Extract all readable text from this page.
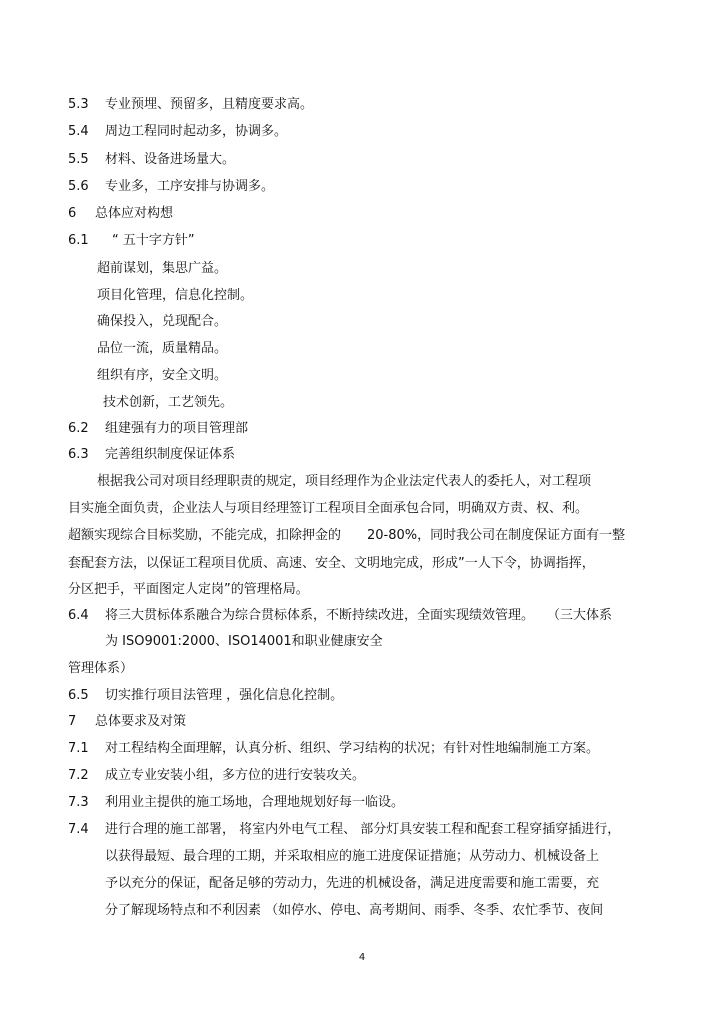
5.3 专业预埋、预留多，且精度要求高。
5.4 周边工程同时起动多，协调多。
5.5 材料、设备进场量大。
5.6 专业多，工序安排与协调多。
6 总体应对构想
6.1 “ 五十字方针”
超前谋划，集思广益。
项目化管理，信息化控制。
确保投入，兑现配合。
品位一流，质量精品。
组织有序，安全文明。
技术创新，工艺领先。
6.2 组建强有力的项目管理部
6.3 完善组织制度保证体系
根据我公司对项目经理职责的规定，项目经理作为企业法定代表人的委托人，对工程项
目实施全面负责，企业法人与项目经理签订工程项目全面承包合同，明确双方责、权、利。
超额实现综合目标奖励，不能完成，扣除押金的　　20-80%，同时我公司在制度保证方面有一整
套配套方法，以保证工程项目优质、高速、安全、文明地完成，形成”一人下令，协调指挥，
分区把手，平面图定人定岗”的管理格局。
6.4 将三大贯标体系融合为综合贯标体系，不断持续改进，全面实现绩效管理。　　（三大体系
为 ISO9001:2000、ISO14001和职业健康安全
管理体系）
6.5 切实推行项目法管理 ，强化信息化控制。
7 总体要求及对策
7.1 对工程结构全面理解，认真分析、组织、学习结构的状况；有针对性地编制施工方案。
7.2 成立专业安装小组，多方位的进行安装攻关。
7.3 利用业主提供的施工场地，合理地规划好每一临设。
7.4 进行合理的施工部署， 将室内外电气工程、 部分灯具安装工程和配套工程穿插穿插进行，
以获得最短、最合理的工期，并采取相应的施工进度保证措施；从劳动力、机械设备上
予以充分的保证，配备足够的劳动力，先进的机械设备，满足进度需要和施工需要，充
分了解现场特点和不利因素 （如停水、停电、高考期间、雨季、冬季、农忙季节、夜间
4
